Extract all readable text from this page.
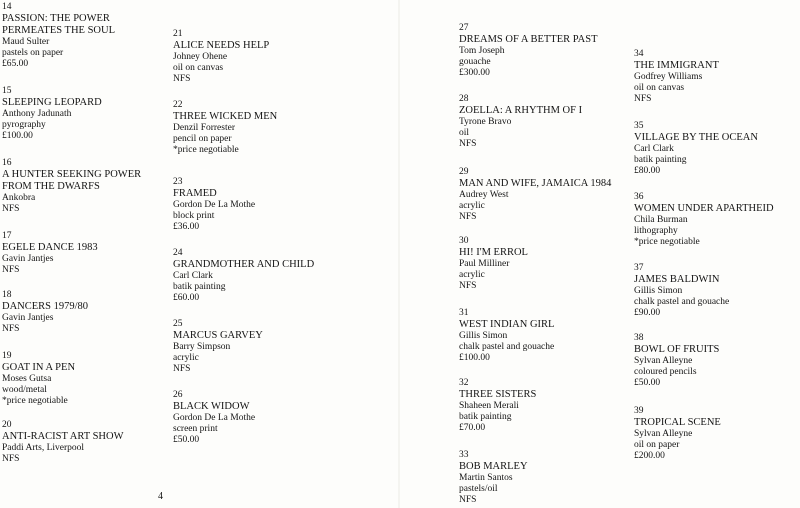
14
PASSION: THE POWER PERMEATES THE SOUL
Maud Sulter
pastels on paper
£65.00
15
SLEEPING LEOPARD
Anthony Jadunath
pyrography
£100.00
16
A HUNTER SEEKING POWER FROM THE DWARFS
Ankobra
NFS
17
EGELE DANCE 1983
Gavin Jantjes
NFS
18
DANCERS 1979/80
Gavin Jantjes
NFS
19
GOAT IN A PEN
Moses Gutsa
wood/metal
*price negotiable
20
ANTI-RACIST ART SHOW
Paddi Arts, Liverpool
NFS
21
ALICE NEEDS HELP
Johney Ohene
oil on canvas
NFS
22
THREE WICKED MEN
Denzil Forrester
pencil on paper
*price negotiable
23
FRAMED
Gordon De La Mothe
block print
£36.00
24
GRANDMOTHER AND CHILD
Carl Clark
batik painting
£60.00
25
MARCUS GARVEY
Barry Simpson
acrylic
NFS
26
BLACK WIDOW
Gordon De La Mothe
screen print
£50.00
27
DREAMS OF A BETTER PAST
Tom Joseph
gouache
£300.00
28
ZOELLA: A RHYTHM OF I
Tyrone Bravo
oil
NFS
29
MAN AND WIFE, JAMAICA 1984
Audrey West
acrylic
NFS
30
HI! I'M ERROL
Paul Milliner
acrylic
NFS
31
WEST INDIAN GIRL
Gillis Simon
chalk pastel and gouache
£100.00
32
THREE SISTERS
Shaheen Merali
batik painting
£70.00
33
BOB MARLEY
Martin Santos
pastels/oil
NFS
34
THE IMMIGRANT
Godfrey Williams
oil on canvas
NFS
35
VILLAGE BY THE OCEAN
Carl Clark
batik painting
£80.00
36
WOMEN UNDER APARTHEID
Chila Burman
lithography
*price negotiable
37
JAMES BALDWIN
Gillis Simon
chalk pastel and gouache
£90.00
38
BOWL OF FRUITS
Sylvan Alleyne
coloured pencils
£50.00
39
TROPICAL SCENE
Sylvan Alleyne
oil on paper
£200.00
4
